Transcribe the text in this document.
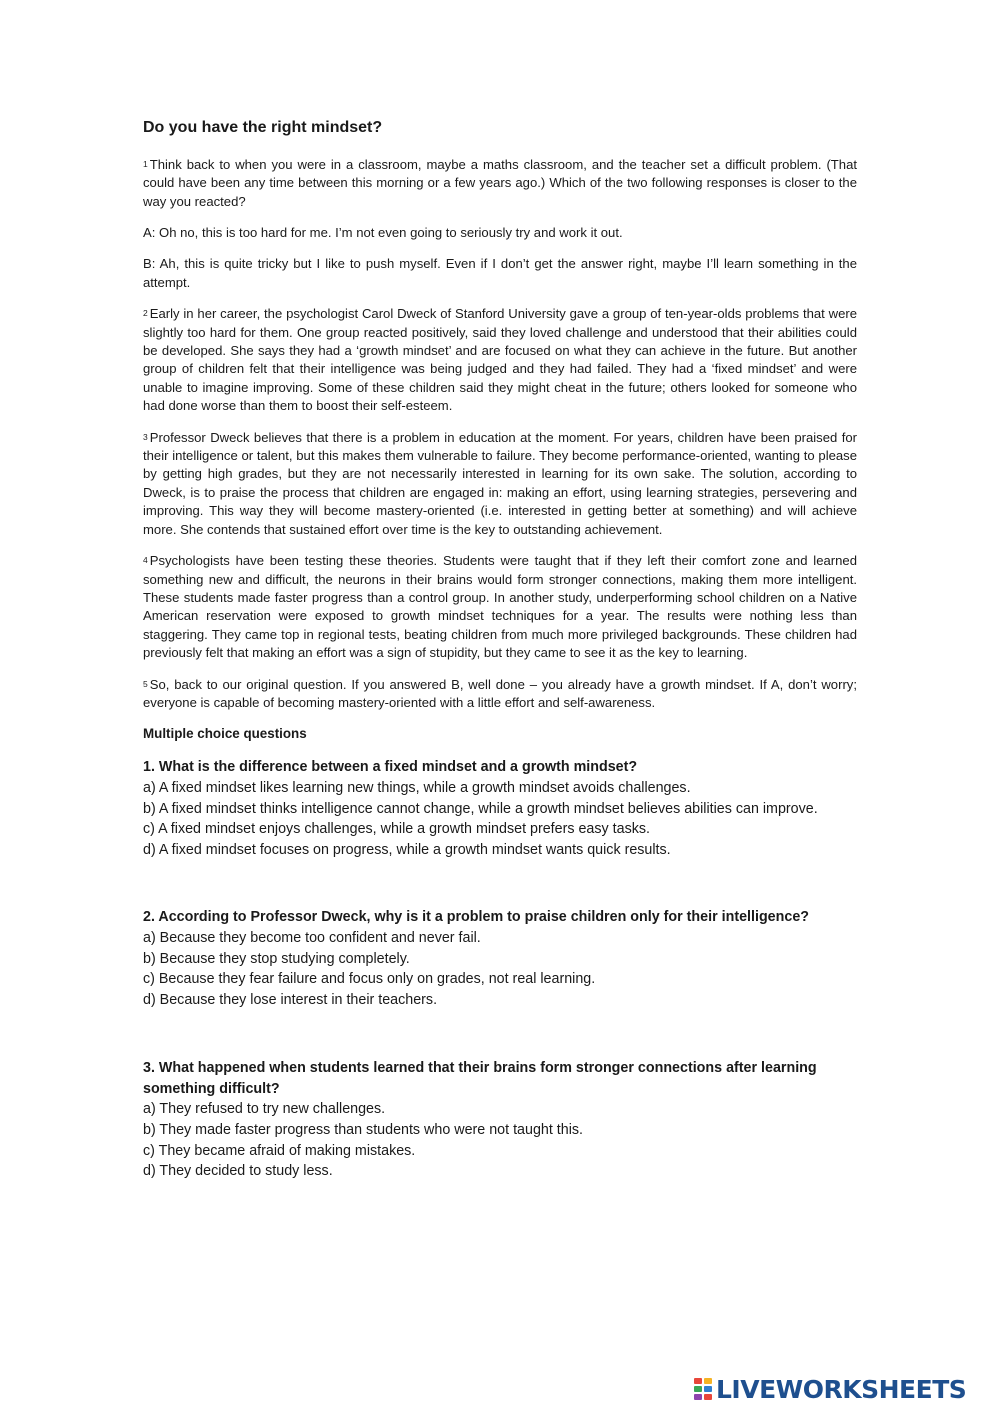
Do you have the right mindset?

$^1$ Think back to when you were in a classroom, maybe a maths classroom, and the teacher set a difficult problem. (That could have been any time between this morning or a few years ago.) Which of the two following responses is closer to the way you reacted?

A: Oh no, this is too hard for me. I’m not even going to seriously try and work it out.

B: Ah, this is quite tricky but I like to push myself. Even if I don’t get the answer right, maybe I’ll learn something in the attempt.

$^2$ Early in her career, the psychologist Carol Dweck of Stanford University gave a group of ten-year-olds problems that were slightly too hard for them. One group reacted positively, said they loved challenge and understood that their abilities could be developed. She says they had a ‘growth mindset’ and are focused on what they can achieve in the future. But another group of children felt that their intelligence was being judged and they had failed. They had a ‘fixed mindset’ and were unable to imagine improving. Some of these children said they might cheat in the future; others looked for someone who had done worse than them to boost their self-esteem.

$^3$ Professor Dweck believes that there is a problem in education at the moment. For years, children have been praised for their intelligence or talent, but this makes them vulnerable to failure. They become performance-oriented, wanting to please by getting high grades, but they are not necessarily interested in learning for its own sake. The solution, according to Dweck, is to praise the process that children are engaged in: making an effort, using learning strategies, persevering and improving. This way they will become mastery-oriented (i.e. interested in getting better at something) and will achieve more. She contends that sustained effort over time is the key to outstanding achievement.

$^4$ Psychologists have been testing these theories. Students were taught that if they left their comfort zone and learned something new and difficult, the neurons in their brains would form stronger connections, making them more intelligent. These students made faster progress than a control group. In another study, underperforming school children on a Native American reservation were exposed to growth mindset techniques for a year. The results were nothing less than staggering. They came top in regional tests, beating children from much more privileged backgrounds. These children had previously felt that making an effort was a sign of stupidity, but they came to see it as the key to learning.

$^5$ So, back to our original question. If you answered B, well done – you already have a growth mindset. If A, don’t worry; everyone is capable of becoming mastery-oriented with a little effort and self-awareness.

Multiple choice questions
1. What is the difference between a fixed mindset and a growth mindset?
a) A fixed mindset likes learning new things, while a growth mindset avoids challenges.
b) A fixed mindset thinks intelligence cannot change, while a growth mindset believes abilities can improve.
c) A fixed mindset enjoys challenges, while a growth mindset prefers easy tasks.
d) A fixed mindset focuses on progress, while a growth mindset wants quick results.
2. According to Professor Dweck, why is it a problem to praise children only for their intelligence?
a) Because they become too confident and never fail.
b) Because they stop studying completely.
c) Because they fear failure and focus only on grades, not real learning.
d) Because they lose interest in their teachers.
3. What happened when students learned that their brains form stronger connections after learning something difficult?
a) They refused to try new challenges.
b) They made faster progress than students who were not taught this.
c) They became afraid of making mistakes.
d) They decided to study less.
LIVEWORKSHEETS
